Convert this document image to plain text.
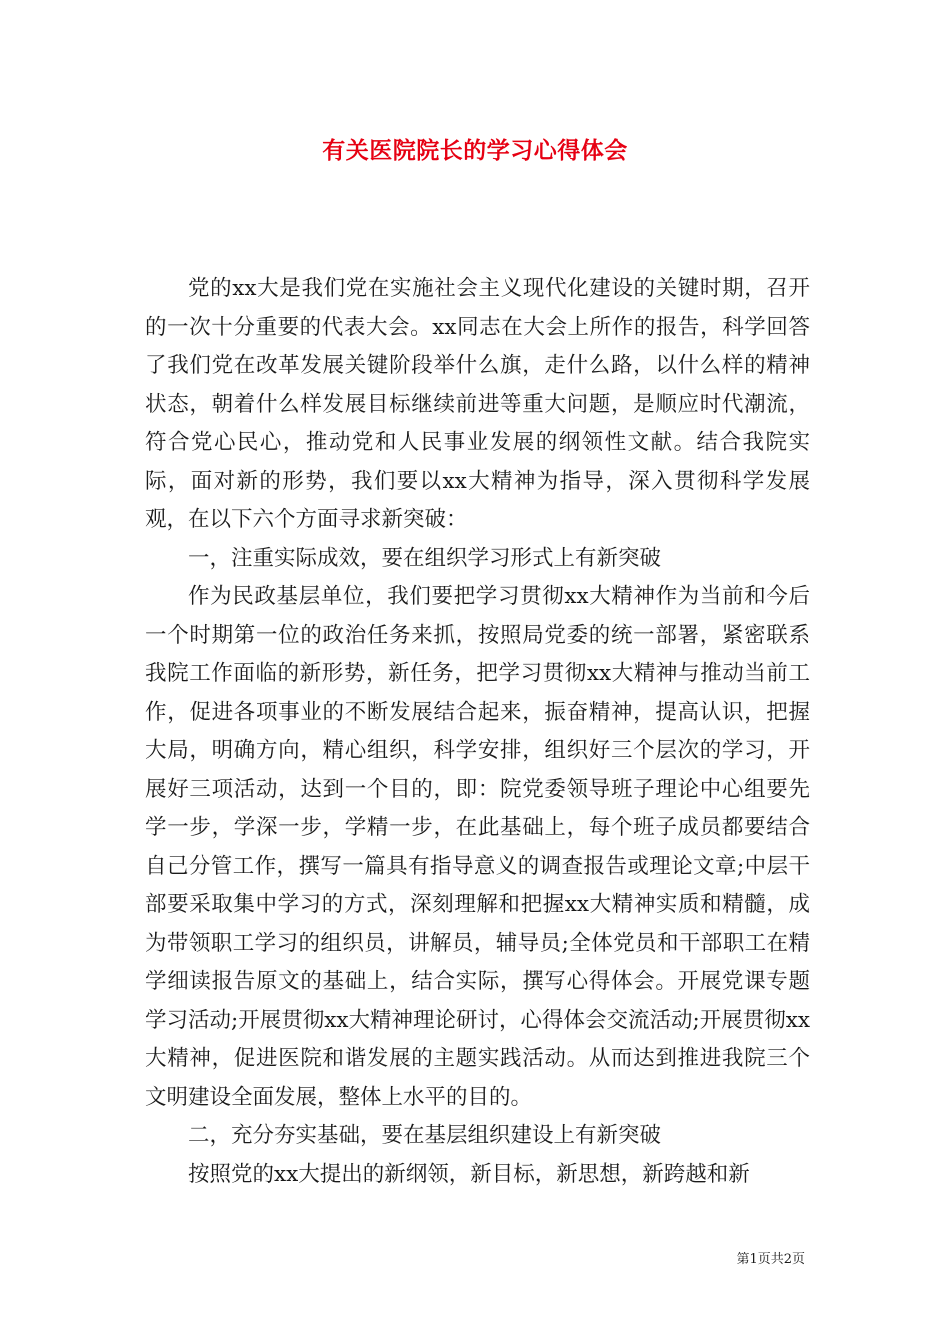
有关医院院长的学习心得体会

党的xx大是我们党在实施社会主义现代化建设的关键时期，召开的一次十分重要的代表大会。xx同志在大会上所作的报告，科学回答了我们党在改革发展关键阶段举什么旗，走什么路，以什么样的精神状态，朝着什么样发展目标继续前进等重大问题，是顺应时代潮流，符合党心民心，推动党和人民事业发展的纲领性文献。结合我院实际，面对新的形势，我们要以xx大精神为指导，深入贯彻科学发展观，在以下六个方面寻求新突破：

一，注重实际成效，要在组织学习形式上有新突破

作为民政基层单位，我们要把学习贯彻xx大精神作为当前和今后一个时期第一位的政治任务来抓，按照局党委的统一部署，紧密联系我院工作面临的新形势，新任务，把学习贯彻xx大精神与推动当前工作，促进各项事业的不断发展结合起来，振奋精神，提高认识，把握大局，明确方向，精心组织，科学安排，组织好三个层次的学习，开展好三项活动，达到一个目的，即：院党委领导班子理论中心组要先学一步，学深一步，学精一步，在此基础上，每个班子成员都要结合自己分管工作，撰写一篇具有指导意义的调查报告或理论文章;中层干部要采取集中学习的方式，深刻理解和把握xx大精神实质和精髓，成为带领职工学习的组织员，讲解员，辅导员;全体党员和干部职工在精学细读报告原文的基础上，结合实际，撰写心得体会。开展党课专题学习活动;开展贯彻xx大精神理论研讨，心得体会交流活动;开展贯彻xx大精神，促进医院和谐发展的主题实践活动。从而达到推进我院三个文明建设全面发展，整体上水平的目的。

二，充分夯实基础，要在基层组织建设上有新突破

按照党的xx大提出的新纲领，新目标，新思想，新跨越和新

第1页共2页
